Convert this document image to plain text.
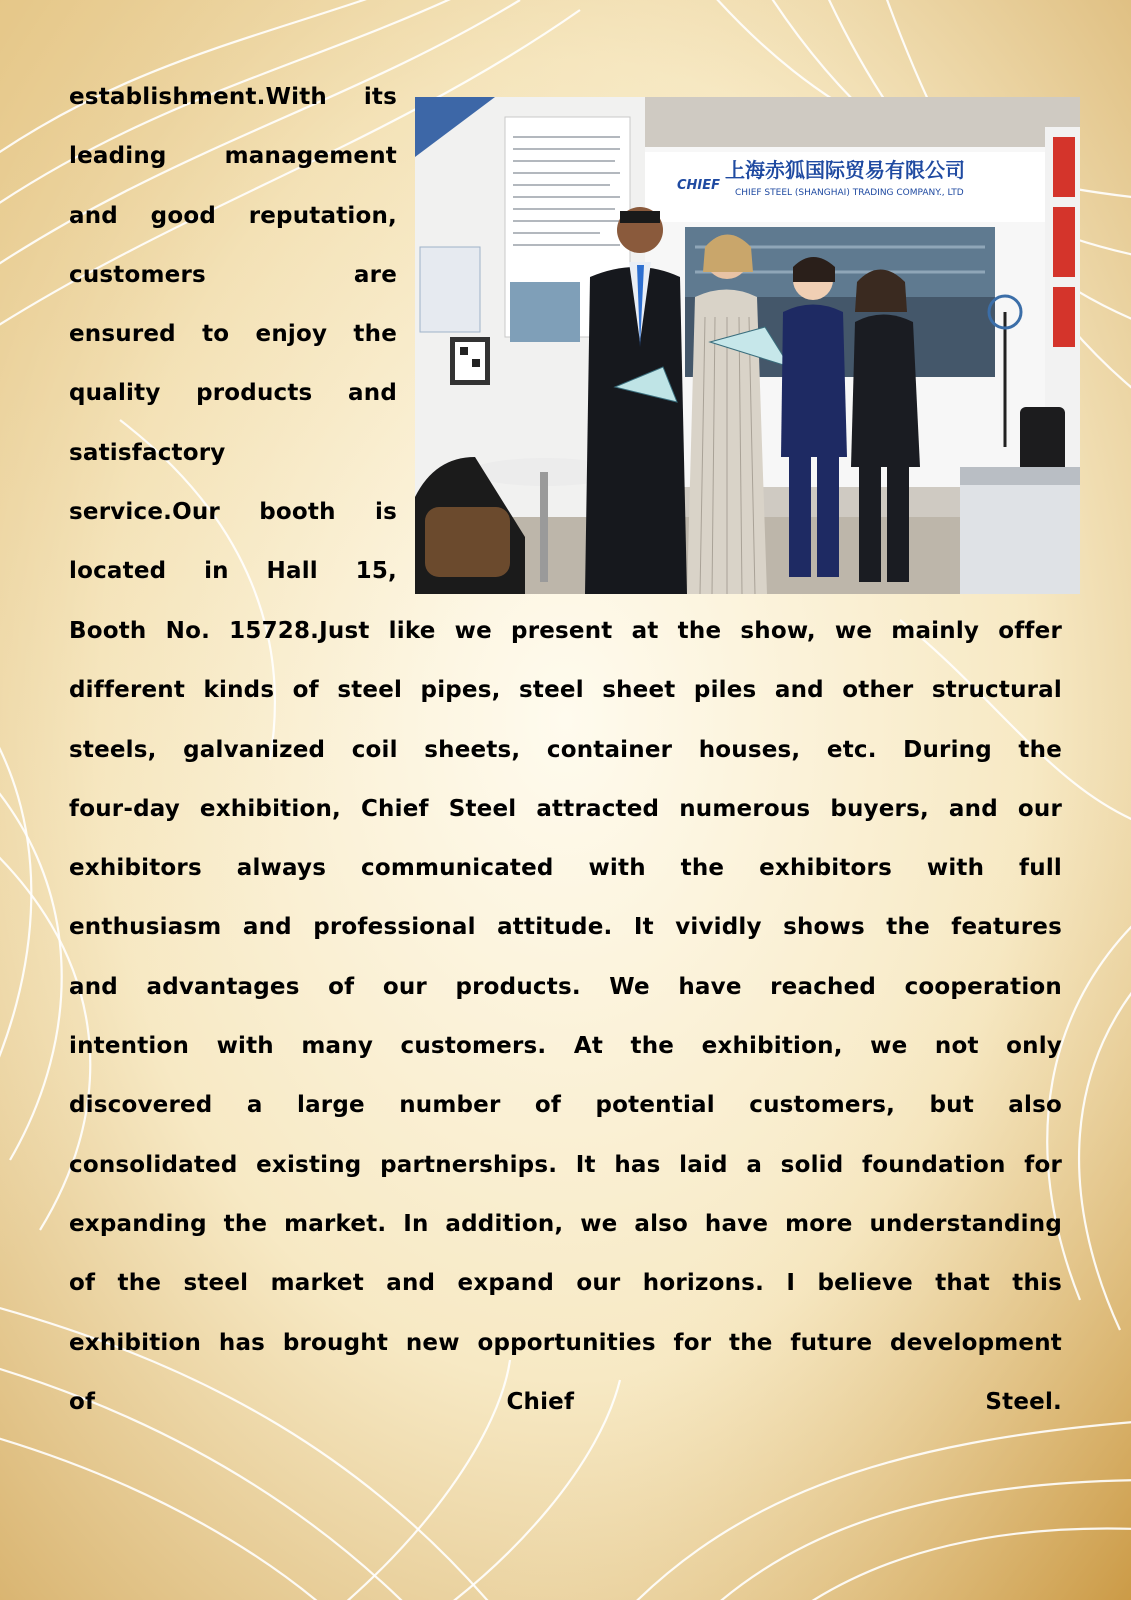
establishment.With its
leading management
and good reputation,
customers are
ensured to enjoy the
quality products and
satisfactory
service.Our booth is
located in Hall 15,
CHIEF
上海赤狐国际贸易有限公司
CHIEF STEEL (SHANGHAI) TRADING COMPANY., LTD
Booth No. 15728.Just like we present at the show, we mainly offer
different kinds of steel pipes, steel sheet piles and other structural
steels, galvanized coil sheets, container houses, etc. During the
four-day exhibition, Chief Steel attracted numerous buyers, and our
exhibitors always communicated with the exhibitors with full
enthusiasm and professional attitude. It vividly shows the features
and advantages of our products. We have reached cooperation
intention with many customers. At the exhibition, we not only
discovered a large number of potential customers, but also
consolidated existing partnerships. It has laid a solid foundation for
expanding the market. In addition, we also have more understanding
of the steel market and expand our horizons. I believe that this
exhibition has brought new opportunities for the future development
of Chief Steel.
